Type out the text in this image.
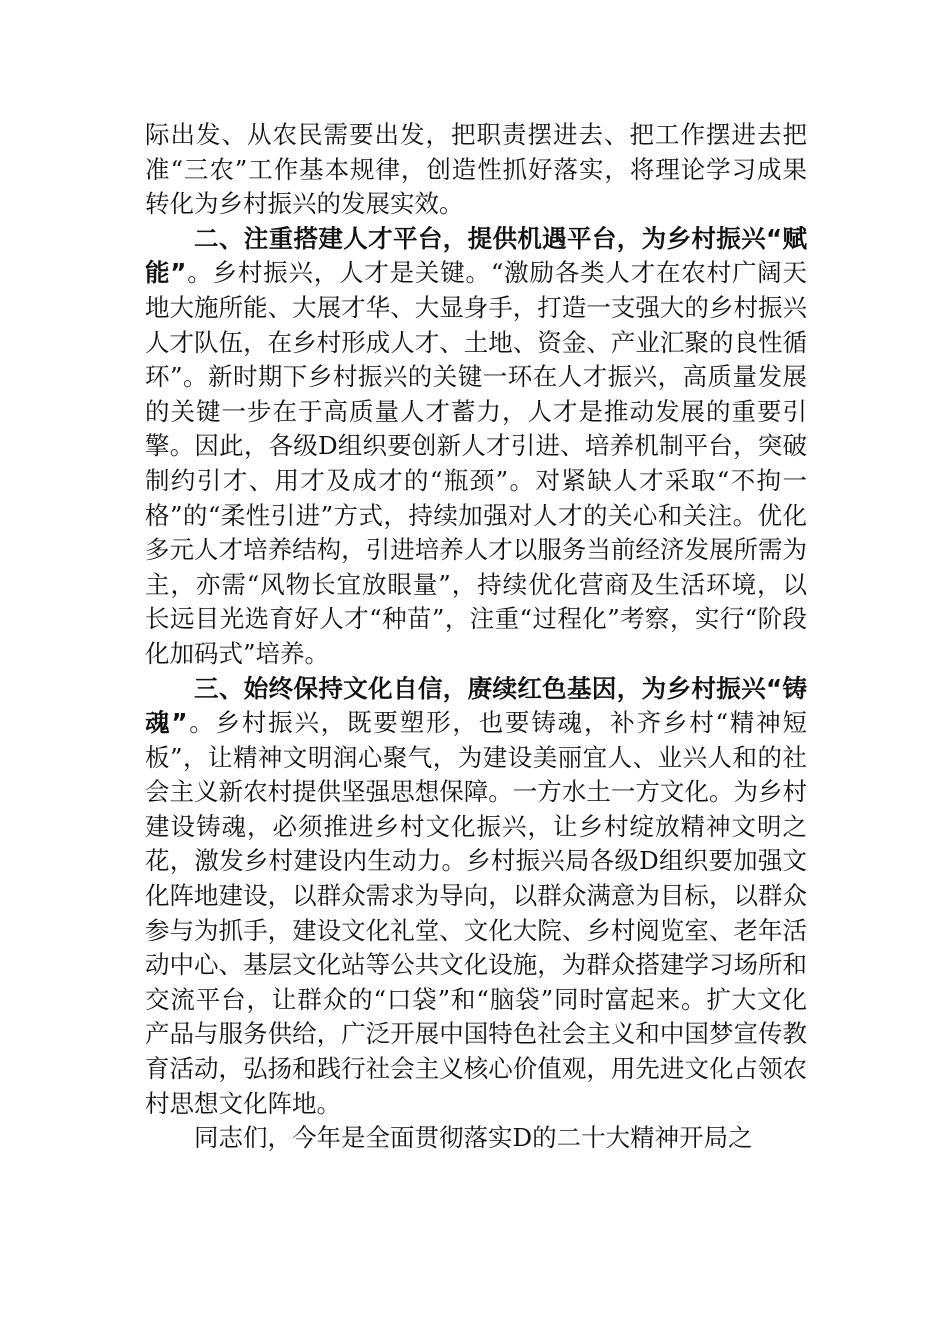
际出发、从农民需要出发，把职责摆进去、把工作摆进去把准“三农”工作基本规律，创造性抓好落实，将理论学习成果转化为乡村振兴的发展实效。

二、注重搭建人才平台，提供机遇平台，为乡村振兴“赋能”。乡村振兴，人才是关键。“激励各类人才在农村广阔天地大施所能、大展才华、大显身手，打造一支强大的乡村振兴人才队伍，在乡村形成人才、土地、资金、产业汇聚的良性循环”。新时期下乡村振兴的关键一环在人才振兴，高质量发展的关键一步在于高质量人才蓄力，人才是推动发展的重要引擎。因此，各级D组织要创新人才引进、培养机制平台，突破制约引才、用才及成才的“瓶颈”。对紧缺人才采取“不拘一格”的“柔性引进”方式，持续加强对人才的关心和关注。优化多元人才培养结构，引进培养人才以服务当前经济发展所需为主，亦需“风物长宜放眼量”，持续优化营商及生活环境，以长远目光选育好人才“种苗”，注重“过程化”考察，实行“阶段化加码式”培养。

三、始终保持文化自信，赓续红色基因，为乡村振兴“铸魂”。乡村振兴，既要塑形，也要铸魂，补齐乡村“精神短板”，让精神文明润心聚气，为建设美丽宜人、业兴人和的社会主义新农村提供坚强思想保障。一方水土一方文化。为乡村建设铸魂，必须推进乡村文化振兴，让乡村绽放精神文明之花，激发乡村建设内生动力。乡村振兴局各级D组织要加强文化阵地建设，以群众需求为导向，以群众满意为目标，以群众参与为抓手，建设文化礼堂、文化大院、乡村阅览室、老年活动中心、基层文化站等公共文化设施，为群众搭建学习场所和交流平台，让群众的“口袋”和“脑袋”同时富起来。扩大文化产品与服务供给，广泛开展中国特色社会主义和中国梦宣传教育活动，弘扬和践行社会主义核心价值观，用先进文化占领农村思想文化阵地。

同志们，今年是全面贯彻落实D的二十大精神开局之
